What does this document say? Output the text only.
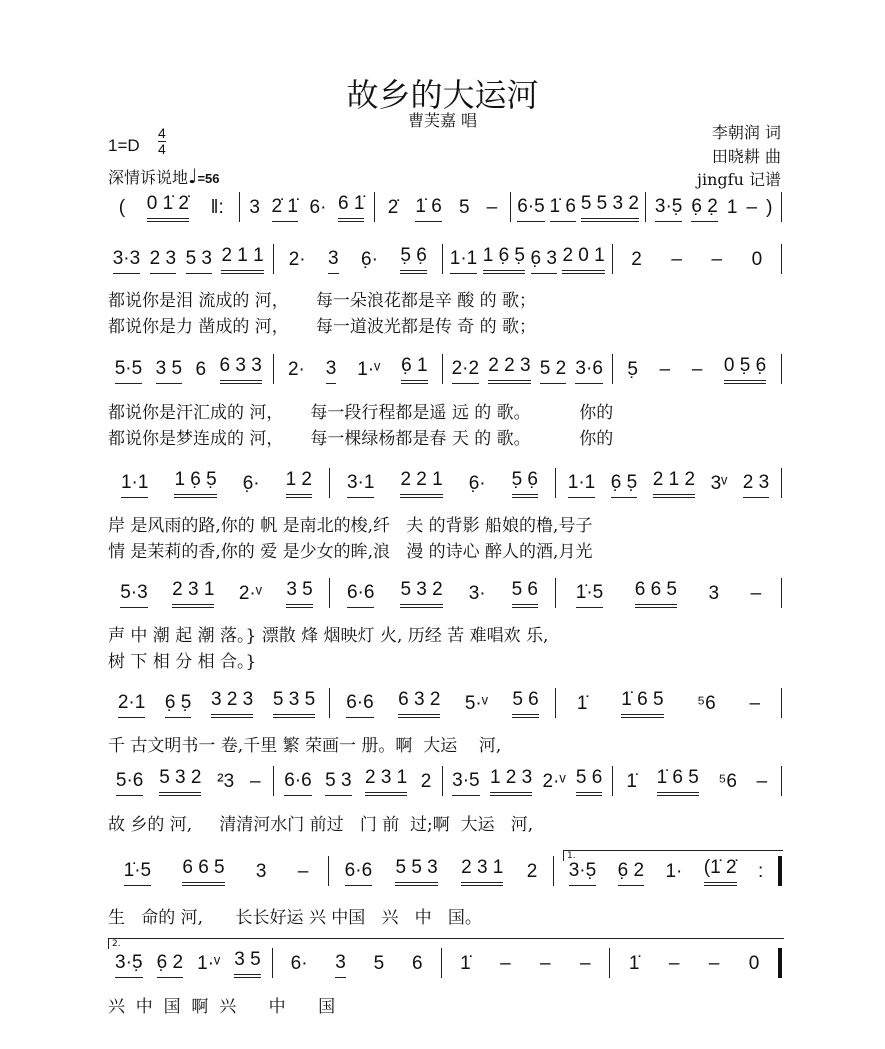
故乡的大运河
曹芙嘉 唱
李朝润 词
田晓耕 曲
jingfu 记谱
1=D
4
4
深情诉说地♩=56
( 0 1̇ 2̇ ‖: 3 2̇ 1̇ 6· 6 1̇ 2̇ 1̇ 6 5 – 6·5 1̇ 6 5 5 3 2 3·5̣ 6̣ 2̣ 1 – )
3·3 2 3 5 3 2 1 1 2· 3 6̣· 5̣ 6̣ 1·1 1 6̣ 5̣ 6̣ 3 2 0 1 2 – – 0
5·5 3 5 6 6 3 3 2· 3 1·ᵛ 6̣ 1 2·2 2 2 3 5 2 3·6 5̣ – – 0 5̣ 6̣
1·1 1 6̣ 5̣ 6̣· 1 2 3·1 2 2 1 6̣· 5̣ 6̣ 1·1 6̣ 5̣ 2 1 2 3ᵛ 2 3
5·3 2 3 1 2·ᵛ 3 5 6·6 5 3 2 3· 5 6 1̇·5 6 6 5 3 –
2·1 6̣ 5̣ 3 2 3 5 3 5 6·6 6 3 2 5·ᵛ 5 6 1̇ 1̇ 6 5 ⁵6 –
5·6 5 3 2 ²3 – 6·6 5 3 2 3 1 2 3·5 1 2 3 2·ᵛ 5 6 1̇ 1̇ 6 5 ⁵6 –
1̇·5 6 6 5 3 – 6·6 5 5 3 2 3 1 2 3·5̣ 6̣ 2 1· (1̇ 2̇ :
3·5̣ 6̣ 2 1·ᵛ 3 5 6· 3 5 6 1̇ – – – 1̇ – – 0
1.
2.
都说你是泪 流成的 河，     每一朵浪花都是辛 酸 的 歌；
都说你是力 凿成的 河，     每一道波光都是传 奇 的 歌；
都说你是汗汇成的 河，     每一段行程都是遥 远 的 歌。         你的
都说你是梦连成的 河，     每一棵绿杨都是春 天 的 歌。         你的
岸 是风雨的路,你的 帆 是南北的梭,纤   夫 的背影 船娘的橹,号子
情 是茉莉的香,你的 爱 是少女的眸,浪   漫 的诗心 醉人的酒,月光
声 中 潮 起 潮 落。} 漂散 烽 烟映灯 火, 历经 苦 难唱欢 乐,
树 下 相 分 相 合。}
千 古文明书一 卷,千里 繁 荣画一 册。啊  大运    河,
故 乡的 河,     清清河水门 前过   门 前  过;啊  大运   河,
生   命的 河,      长长好运 兴 中国   兴   中   国。
兴  中  国  啊  兴      中      国
